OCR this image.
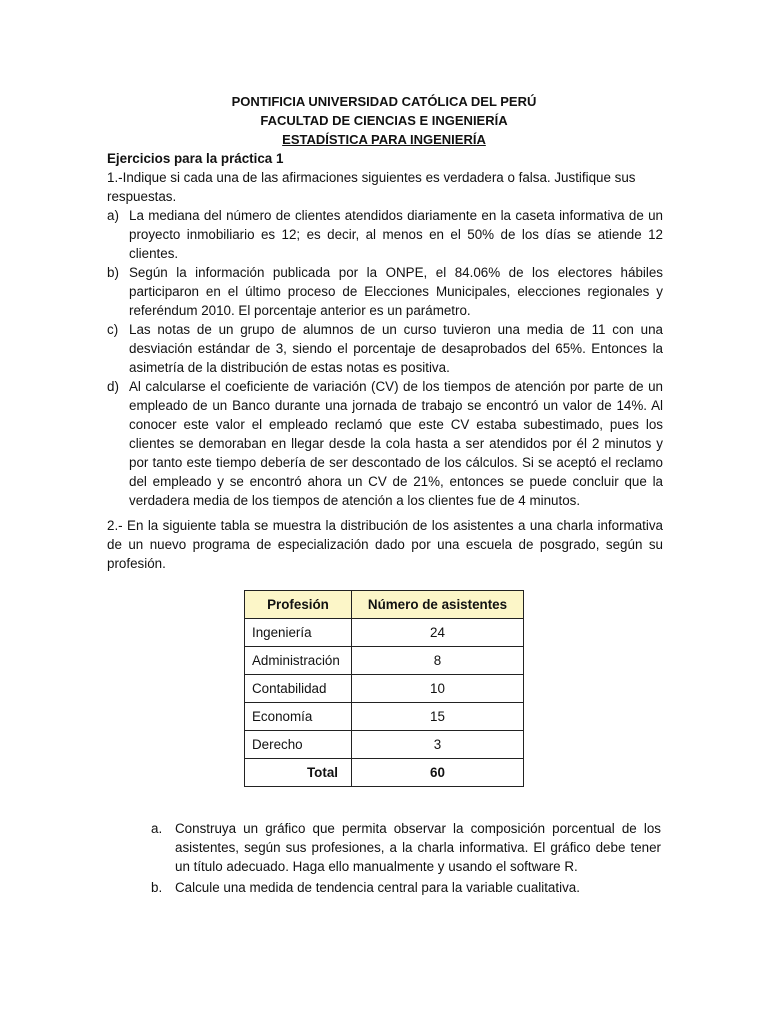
PONTIFICIA UNIVERSIDAD CATÓLICA DEL PERÚ
FACULTAD DE CIENCIAS E INGENIERÍA
ESTADÍSTICA PARA INGENIERÍA

Ejercicios para la práctica 1

1.-Indique si cada una de las afirmaciones siguientes es verdadera o falsa. Justifique sus respuestas.

a) La mediana del número de clientes atendidos diariamente en la caseta informativa de un proyecto inmobiliario es 12; es decir, al menos en el 50% de los días se atiende 12 clientes.
b) Según la información publicada por la ONPE, el 84.06% de los electores hábiles participaron en el último proceso de Elecciones Municipales, elecciones regionales y referéndum 2010. El porcentaje anterior es un parámetro.
c) Las notas de un grupo de alumnos de un curso tuvieron una media de 11 con una desviación estándar de 3, siendo el porcentaje de desaprobados del 65%. Entonces la asimetría de la distribución de estas notas es positiva.
d) Al calcularse el coeficiente de variación (CV) de los tiempos de atención por parte de un empleado de un Banco durante una jornada de trabajo se encontró un valor de 14%. Al conocer este valor el empleado reclamó que este CV estaba subestimado, pues los clientes se demoraban en llegar desde la cola hasta a ser atendidos por él 2 minutos y por tanto este tiempo debería de ser descontado de los cálculos. Si se aceptó el reclamo del empleado y se encontró ahora un CV de 21%, entonces se puede concluir que la verdadera media de los tiempos de atención a los clientes fue de 4 minutos.

2.- En la siguiente tabla se muestra la distribución de los asistentes a una charla informativa de un nuevo programa de especialización dado por una escuela de posgrado, según su profesión.

Profesión	Número de asistentes
Ingeniería	24
Administración	8
Contabilidad	10
Economía	15
Derecho	3
Total	60
a. Construya un gráfico que permita observar la composición porcentual de los asistentes, según sus profesiones, a la charla informativa. El gráfico debe tener un título adecuado. Haga ello manualmente y usando el software R.
b. Calcule una medida de tendencia central para la variable cualitativa.
